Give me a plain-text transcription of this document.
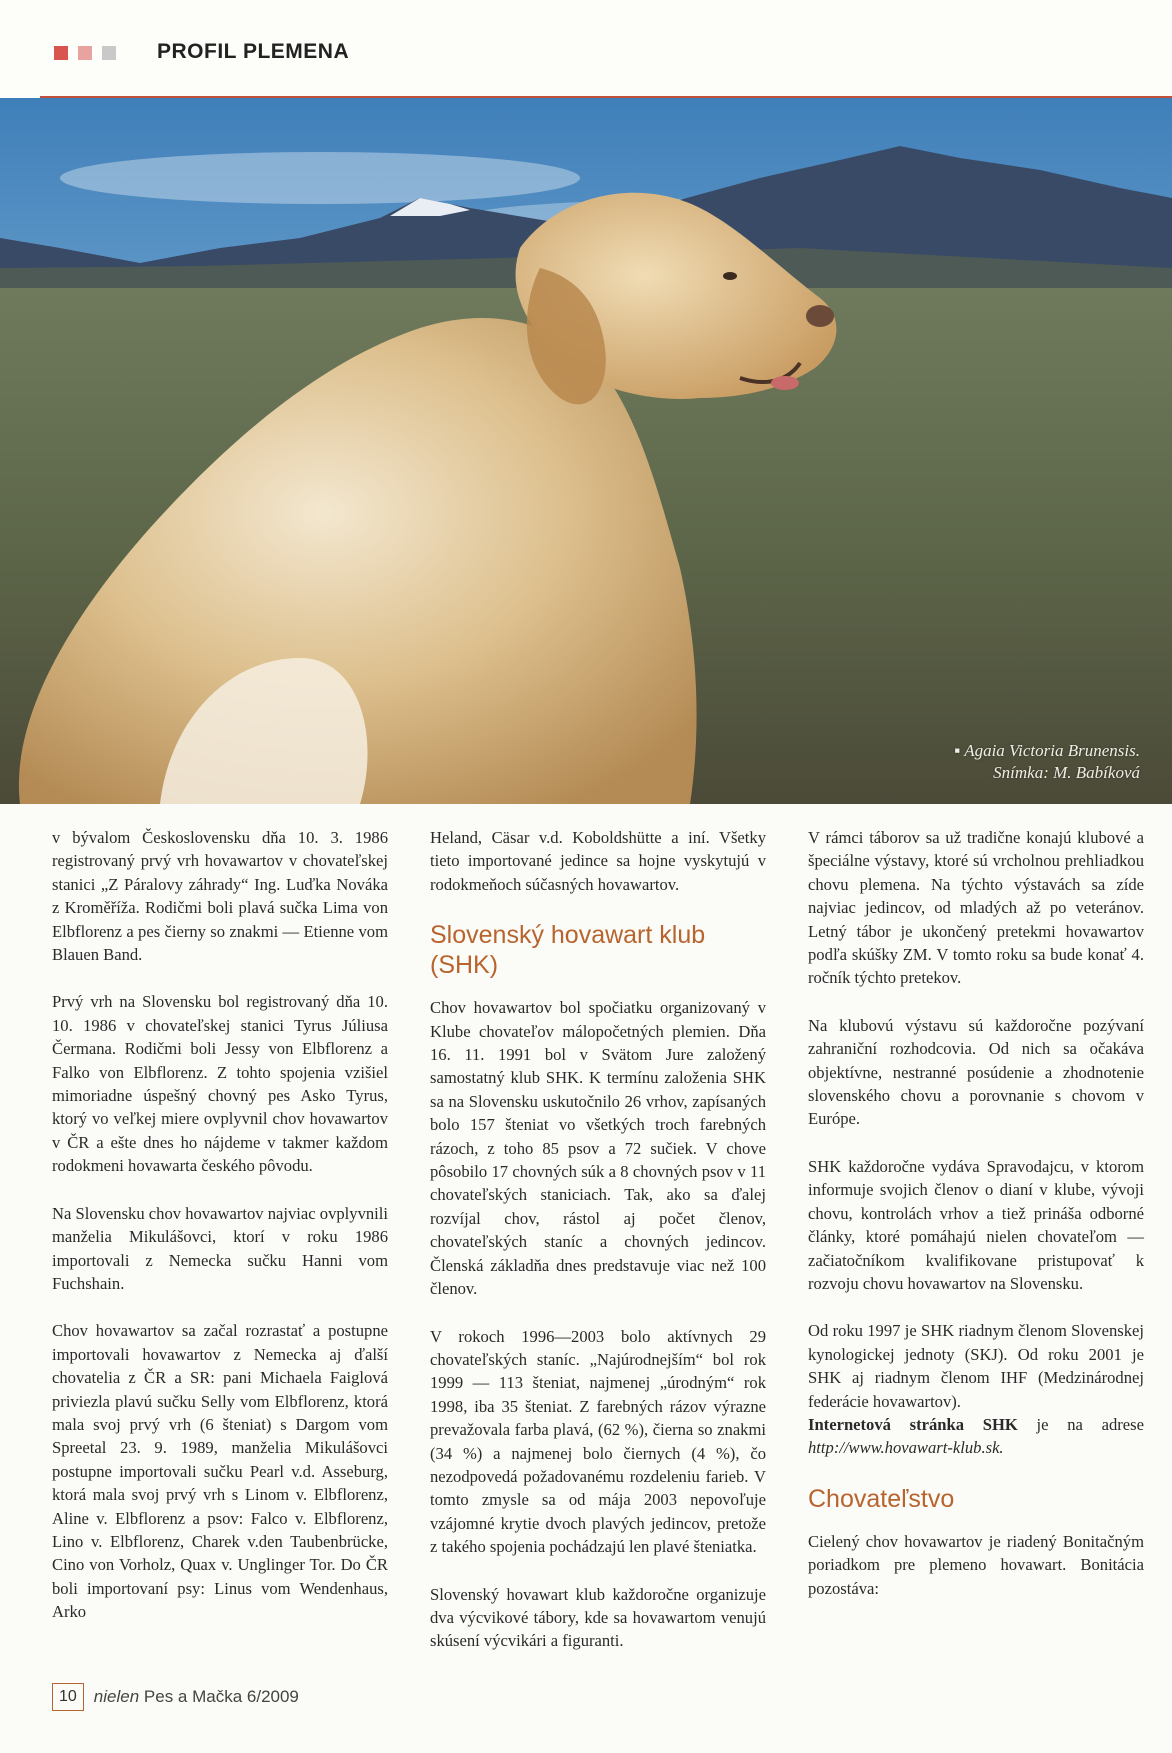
PROFIL PLEMENA
▪ Agaia Victoria Brunensis.
Snímka: M. Babíková

v bývalom Československu dňa 10. 3. 1986 registrovaný prvý vrh hovawartov v chovateľskej stanici „Z Páralovy záhrady“ Ing. Luďka Nováka z Kroměříža. Rodičmi boli plavá sučka Lima von Elbflorenz a pes čierny so znakmi — Etienne vom Blauen Band.

Prvý vrh na Slovensku bol registrovaný dňa 10. 10. 1986 v chovateľskej stanici Tyrus Júliusa Čermana. Rodičmi boli Jessy von Elbflorenz a Falko von Elbflorenz. Z tohto spojenia vzišiel mimoriadne úspešný chovný pes Asko Tyrus, ktorý vo veľkej miere ovplyvnil chov hovawartov v ČR a ešte dnes ho nájdeme v takmer každom rodokmeni hovawarta českého pôvodu.

Na Slovensku chov hovawartov najviac ovplyvnili manželia Mikulášovci, ktorí v roku 1986 importovali z Nemecka sučku Hanni vom Fuchshain.

Chov hovawartov sa začal rozrastať a postupne importovali hovawartov z Nemecka aj ďalší chovatelia z ČR a SR: pani Michaela Faiglová priviezla plavú sučku Selly vom Elbflorenz, ktorá mala svoj prvý vrh (6 šteniat) s Dargom vom Spreetal 23. 9. 1989, manželia Mikulášovci postupne importovali sučku Pearl v.d. Asseburg, ktorá mala svoj prvý vrh s Linom v. Elbflorenz, Aline v. Elbflorenz a psov: Falco v. Elbflorenz, Lino v. Elbflorenz, Charek v.den Taubenbrücke, Cino von Vorholz, Quax v. Unglinger Tor. Do ČR boli importovaní psy: Linus vom Wendenhaus, Arko

Heland, Cäsar v.d. Koboldshütte a iní. Všetky tieto importované jedince sa hojne vyskytujú v rodokmeňoch súčasných hovawartov.

Slovenský hovawart klub (SHK)

Chov hovawartov bol spočiatku organizovaný v Klube chovateľov málopočetných plemien. Dňa 16. 11. 1991 bol v Svätom Jure založený samostatný klub SHK. K termínu založenia SHK sa na Slovensku uskutočnilo 26 vrhov, zapísaných bolo 157 šteniat vo všetkých troch farebných rázoch, z toho 85 psov a 72 sučiek. V chove pôsobilo 17 chovných súk a 8 chovných psov v 11 chovateľských staniciach. Tak, ako sa ďalej rozvíjal chov, rástol aj počet členov, chovateľských staníc a chovných jedincov. Členská základňa dnes predstavuje viac než 100 členov.

V rokoch 1996—2003 bolo aktívnych 29 chovateľských staníc. „Najúrodnejším“ bol rok 1999 — 113 šteniat, najmenej „úrodným“ rok 1998, iba 35 šteniat. Z farebných rázov výrazne prevažovala farba plavá, (62 %), čierna so znakmi (34 %) a najmenej bolo čiernych (4 %), čo nezodpovedá požadovanému rozdeleniu farieb. V tomto zmysle sa od mája 2003 nepovoľuje vzájomné krytie dvoch plavých jedincov, pretože z takého spojenia pochádzajú len plavé šteniatka.

Slovenský hovawart klub každoročne organizuje dva výcvikové tábory, kde sa hovawartom venujú skúsení výcvikári a figuranti.

V rámci táborov sa už tradične konajú klubové a špeciálne výstavy, ktoré sú vrcholnou prehliadkou chovu plemena. Na týchto výstavách sa zíde najviac jedincov, od mladých až po veteránov. Letný tábor je ukončený pretekmi hovawartov podľa skúšky ZM. V tomto roku sa bude konať 4. ročník týchto pretekov.

Na klubovú výstavu sú každoročne pozývaní zahraniční rozhodcovia. Od nich sa očakáva objektívne, nestranné posúdenie a zhodnotenie slovenského chovu a porovnanie s chovom v Európe.

SHK každoročne vydáva Spravodajcu, v ktorom informuje svojich členov o dianí v klube, vývoji chovu, kontrolách vrhov a tiež prináša odborné články, ktoré pomáhajú nielen chovateľom — začiatočníkom kvalifikovane pristupovať k rozvoju chovu hovawartov na Slovensku.

Od roku 1997 je SHK riadnym členom Slovenskej kynologickej jednoty (SKJ). Od roku 2001 je SHK aj riadnym členom IHF (Medzinárodnej federácie hovawartov).

Internetová stránka SHK je na adrese http://www.hovawart-klub.sk.

Chovateľstvo

Cielený chov hovawartov je riadený Bonitačným poriadkom pre plemeno hovawart. Bonitácia pozostáva:

10	nielen Pes a Mačka 6/2009
